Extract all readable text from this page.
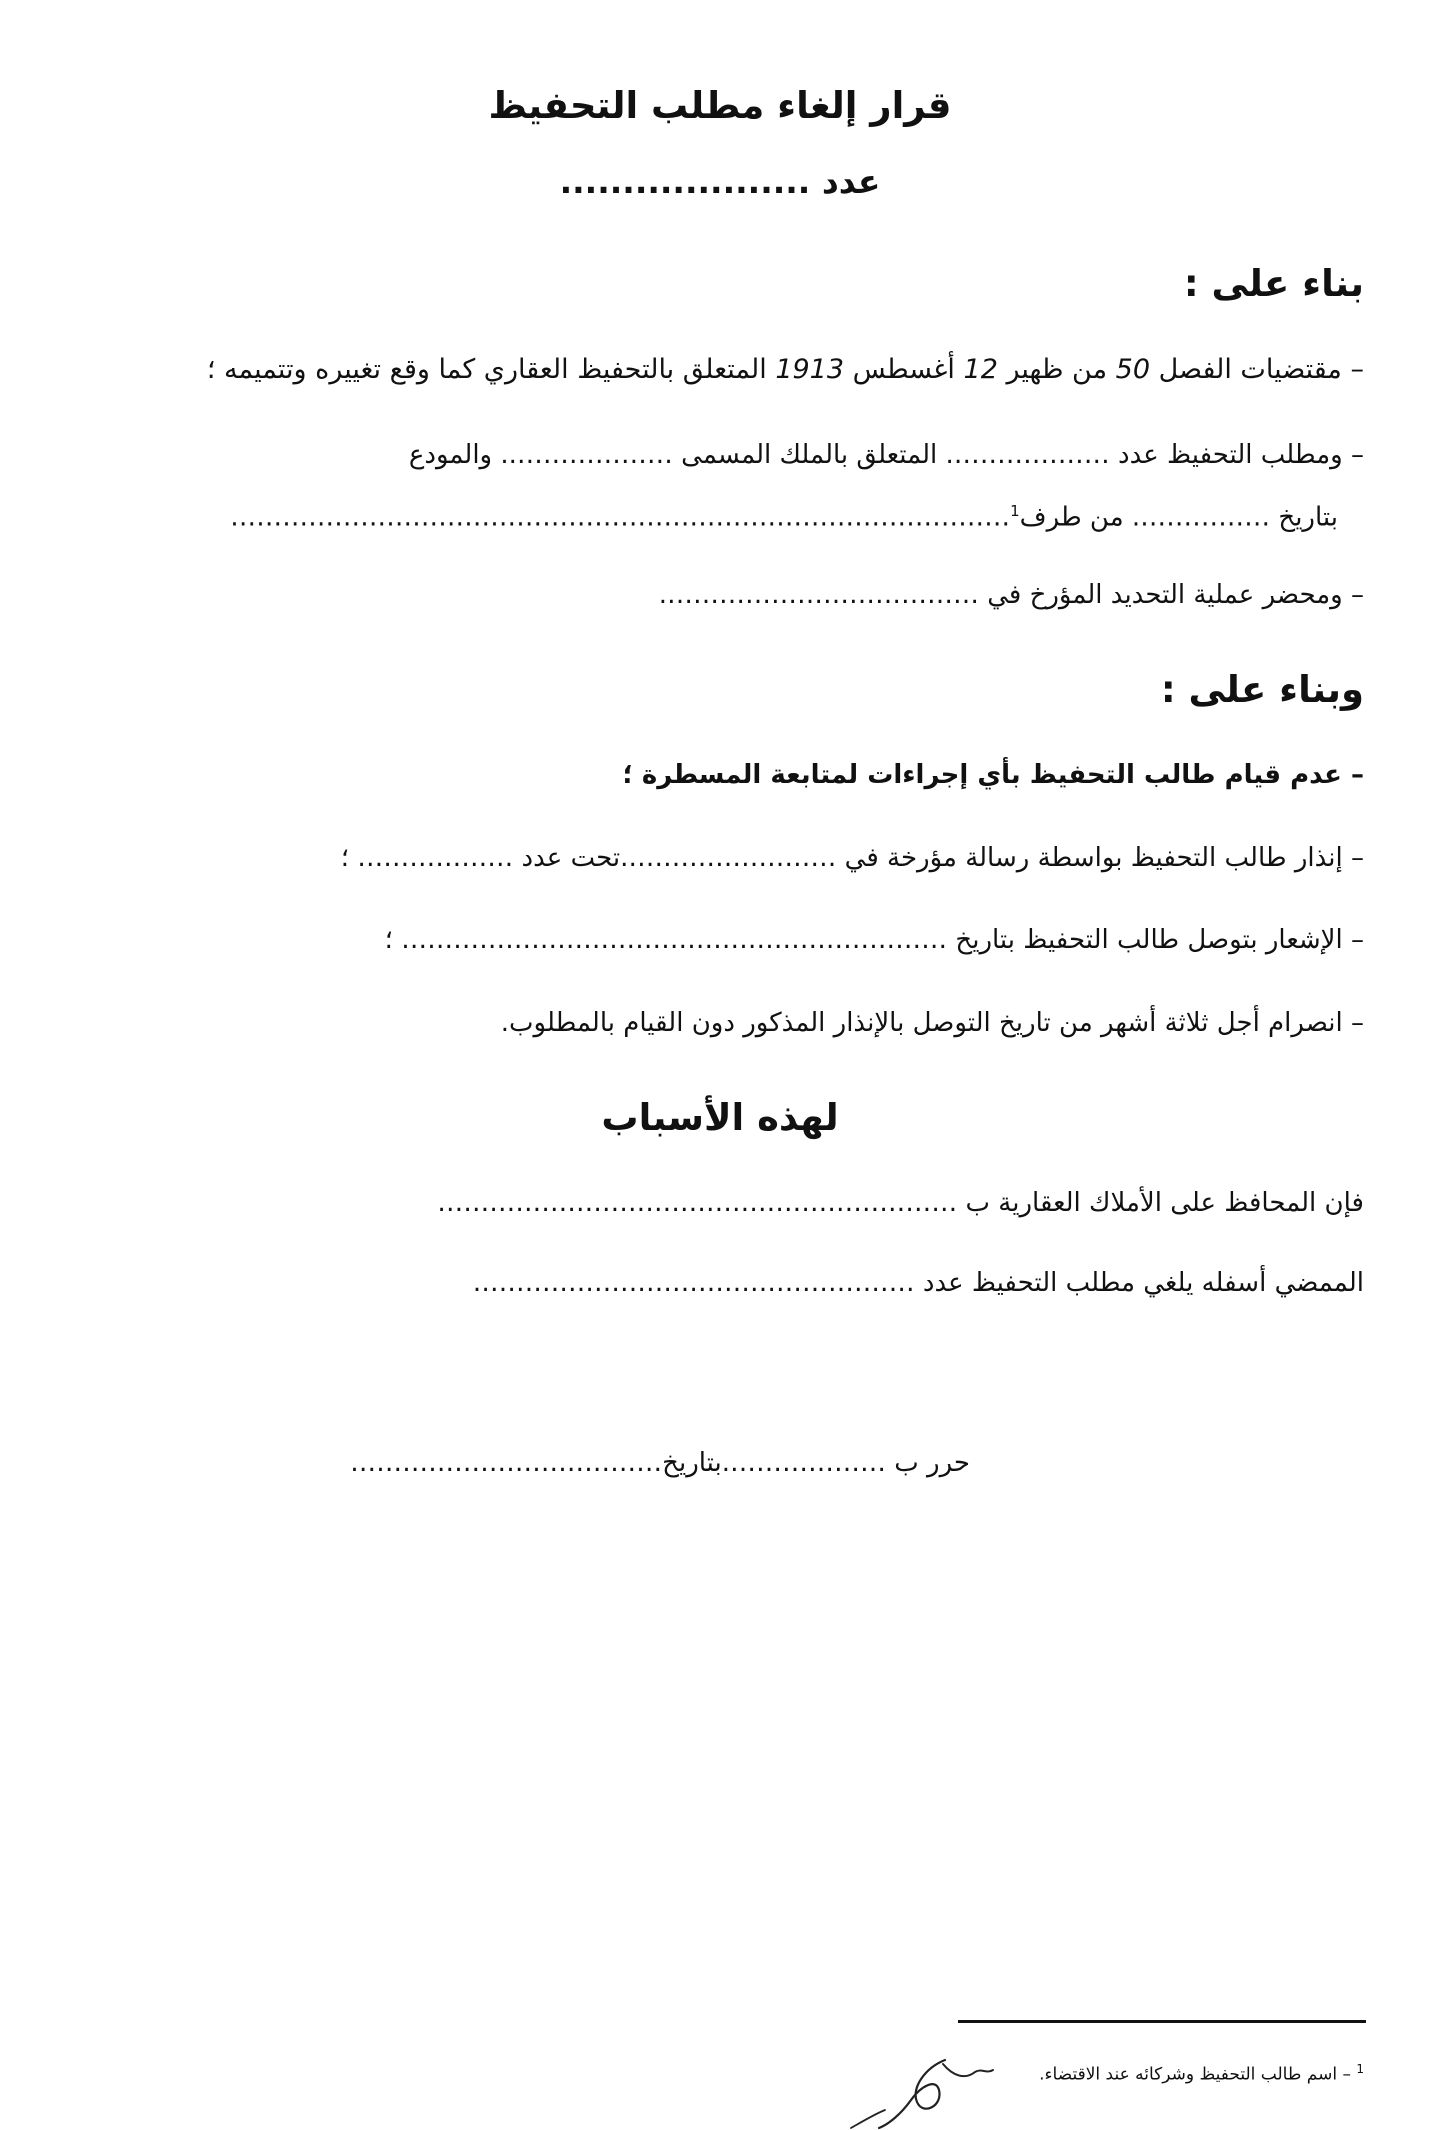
قرار إلغاء مطلب التحفيظ
عدد ....................
بناء على :
– مقتضيات الفصل 50 من ظهير 12 أغسطس 1913 المتعلق بالتحفيظ العقاري كما وقع تغييره وتتميمه ؛
– ومطلب التحفيظ عدد ………………. المتعلق بالملك المسمى ……………….. والمودع
بتاريخ ……………. من طرف$^1$………………………………………………………………………………
– ومحضر عملية التحديد المؤرخ في ……………………………….
وبناء على :
– عدم قيام طالب التحفيظ بأي إجراءات لمتابعة المسطرة ؛
– إنذار طالب التحفيظ بواسطة رسالة مؤرخة في …………………….تحت عدد ……………… ؛
– الإشعار بتوصل طالب التحفيظ بتاريخ ……………………………………………………… ؛
– انصرام أجل ثلاثة أشهر من تاريخ التوصل بالإنذار المذكور دون القيام بالمطلوب.
لهذه الأسباب
فإن المحافظ على الأملاك العقارية ب ……………………………………………………
الممضي أسفله يلغي مطلب التحفيظ عدد ……………………………………………
حرر ب ……………….بتاريخ………………………………
$^1$ – اسم طالب التحفيظ وشركائه عند الاقتضاء.
